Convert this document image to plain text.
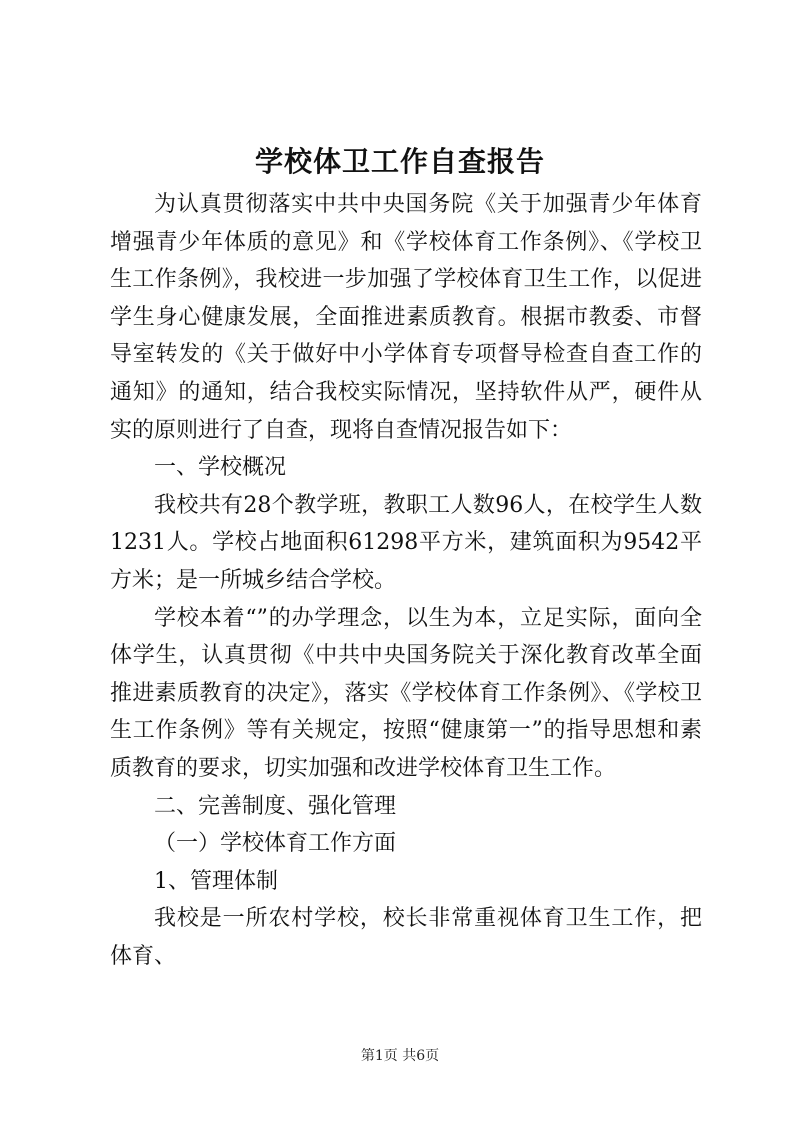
学校体卫工作自查报告

为认真贯彻落实中共中央国务院《关于加强青少年体育增强青少年体质的意见》和《学校体育工作条例》、《学校卫生工作条例》，我校进一步加强了学校体育卫生工作，以促进学生身心健康发展，全面推进素质教育。根据市教委、市督导室转发的《关于做好中小学体育专项督导检查自查工作的通知》的通知，结合我校实际情况，坚持软件从严，硬件从实的原则进行了自查，现将自查情况报告如下：

一、学校概况

我校共有28个教学班，教职工人数96人，在校学生人数1231人。学校占地面积61298平方米，建筑面积为9542平方米；是一所城乡结合学校。

学校本着“”的办学理念，以生为本，立足实际，面向全体学生，认真贯彻《中共中央国务院关于深化教育改革全面推进素质教育的决定》，落实《学校体育工作条例》、《学校卫生工作条例》等有关规定，按照“健康第一”的指导思想和素质教育的要求，切实加强和改进学校体育卫生工作。

二、完善制度、强化管理

（一）学校体育工作方面

1、管理体制

我校是一所农村学校，校长非常重视体育卫生工作，把体育、

第1页 共6页
